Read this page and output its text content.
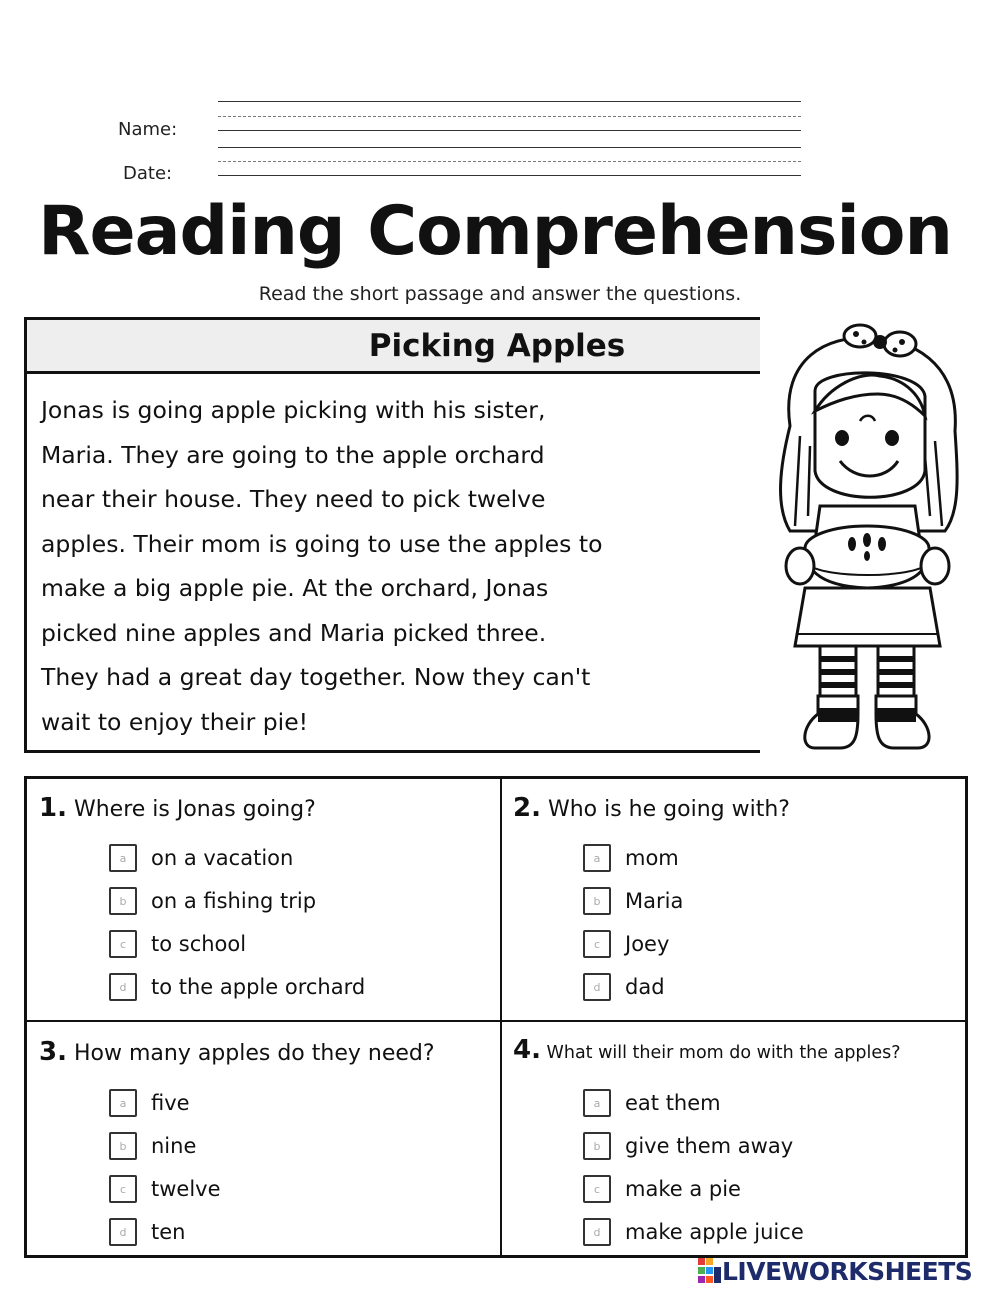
Name:
Date:
Reading Comprehension
Read the short passage and answer the questions.
Picking Apples
Jonas is going apple picking with his sister,
Maria. They are going to the apple orchard
near their house. They need to pick twelve
apples. Their mom is going to use the apples to
make a big apple pie. At the orchard, Jonas
picked nine apples and Maria picked three.
They had a great day together. Now they can't
wait to enjoy their pie!
1. Where is Jonas going?
a	on a vacation
b	on a fishing trip
c	to school
d	to the apple orchard
2. Who is he going with?
a	mom
b	Maria
c	Joey
d	dad
3. How many apples do they need?
a	five
b	nine
c	twelve
d	ten
4. What will their mom do with the apples?
a	eat them
b	give them away
c	make a pie
d	make apple juice
LIVEWORKSHEETS
